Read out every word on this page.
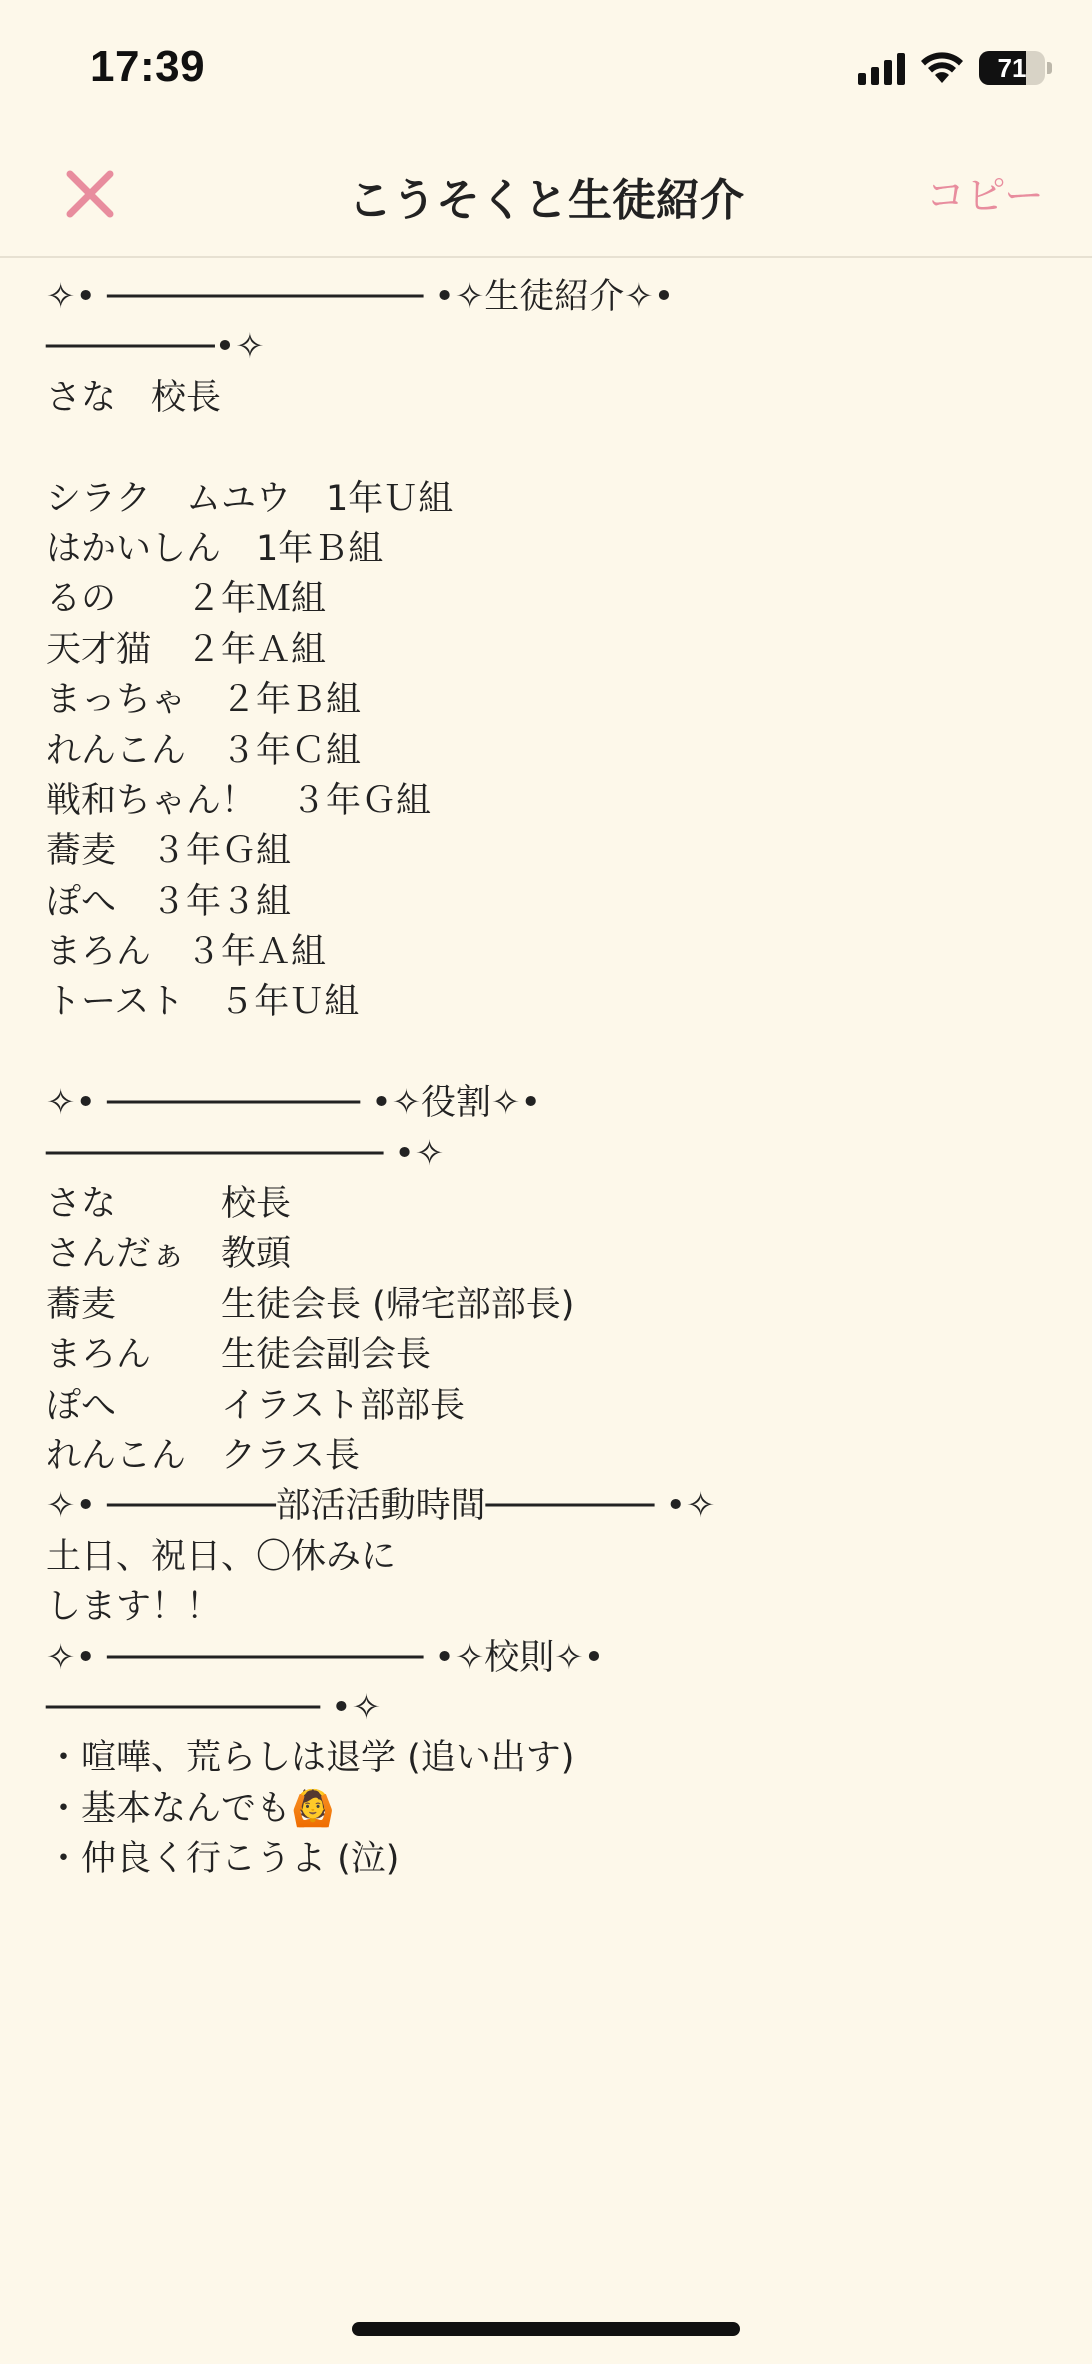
17:39	71
こうそくと生徒紹介	コピー
✧• ─────────────── •✧生徒紹介✧•
────────•✧
さな　校長
シラク　ムユウ　1年Ｕ組
はかいしん　1年Ｂ組
るの　　２年Ｍ組
天才猫　２年Ａ組
まっちゃ　２年Ｂ組
れんこん　３年Ｃ組
戦和ちゃん！　３年Ｇ組
蕎麦　３年Ｇ組
ぽへ　３年３組
まろん　３年Ａ組
トースト　５年Ｕ組
✧• ──────────── •✧役割✧•
──────────────── •✧
さな　　　校長
さんだぁ　教頭
蕎麦　　　生徒会長 (帰宅部部長)
まろん　　生徒会副会長
ぽへ　　　イラスト部部長
れんこん　クラス長
✧• ────────部活活動時間──────── •✧
土日、祝日、〇休みに
します！！
✧• ─────────────── •✧校則✧•
───────────── •✧
・喧嘩、荒らしは退学 (追い出す)
・基本なんでも🙆
・仲良く行こうよ (泣)
